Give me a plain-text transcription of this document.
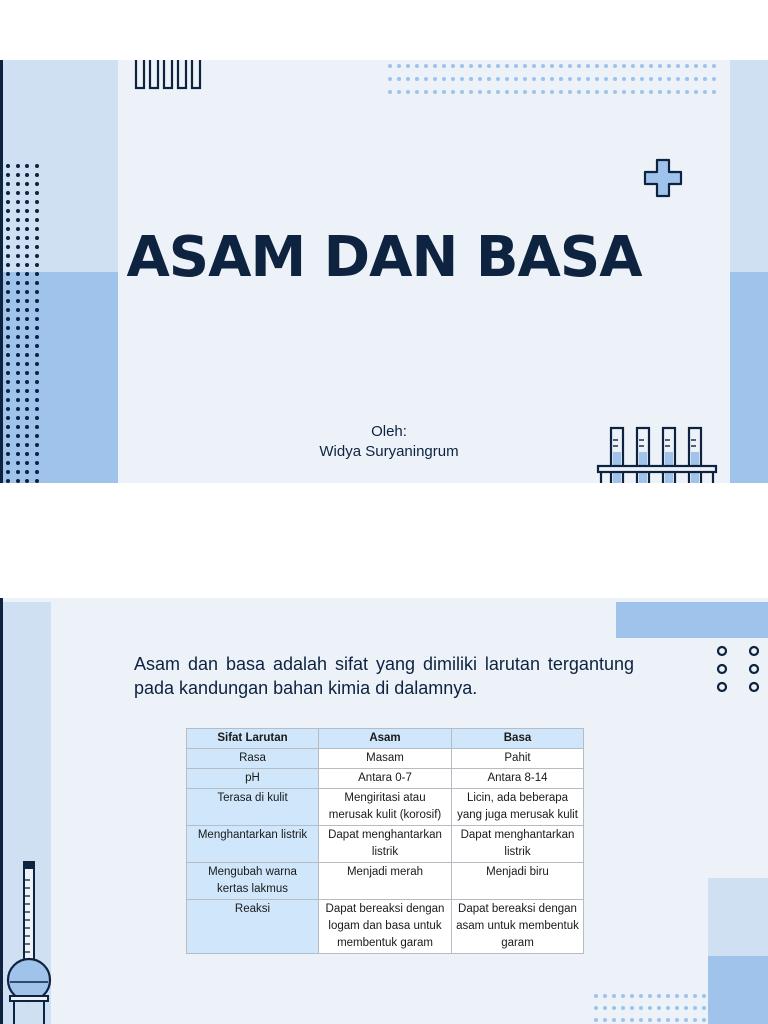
ASAM DAN BASA
Oleh:
Widya Suryaningrum
Asam dan basa adalah sifat yang dimiliki larutan tergantung pada kandungan bahan kimia di dalamnya.
Sifat Larutan	Asam	Basa
Rasa	Masam	Pahit
pH	Antara 0-7	Antara 8-14
Terasa di kulit	Mengiritasi atau merusak kulit (korosif)	Licin, ada beberapa yang juga merusak kulit
Menghantarkan listrik	Dapat menghantarkan listrik	Dapat menghantarkan listrik
Mengubah warna kertas lakmus	Menjadi merah	Menjadi biru
Reaksi	Dapat bereaksi dengan logam dan basa untuk membentuk garam	Dapat bereaksi dengan asam untuk membentuk garam
